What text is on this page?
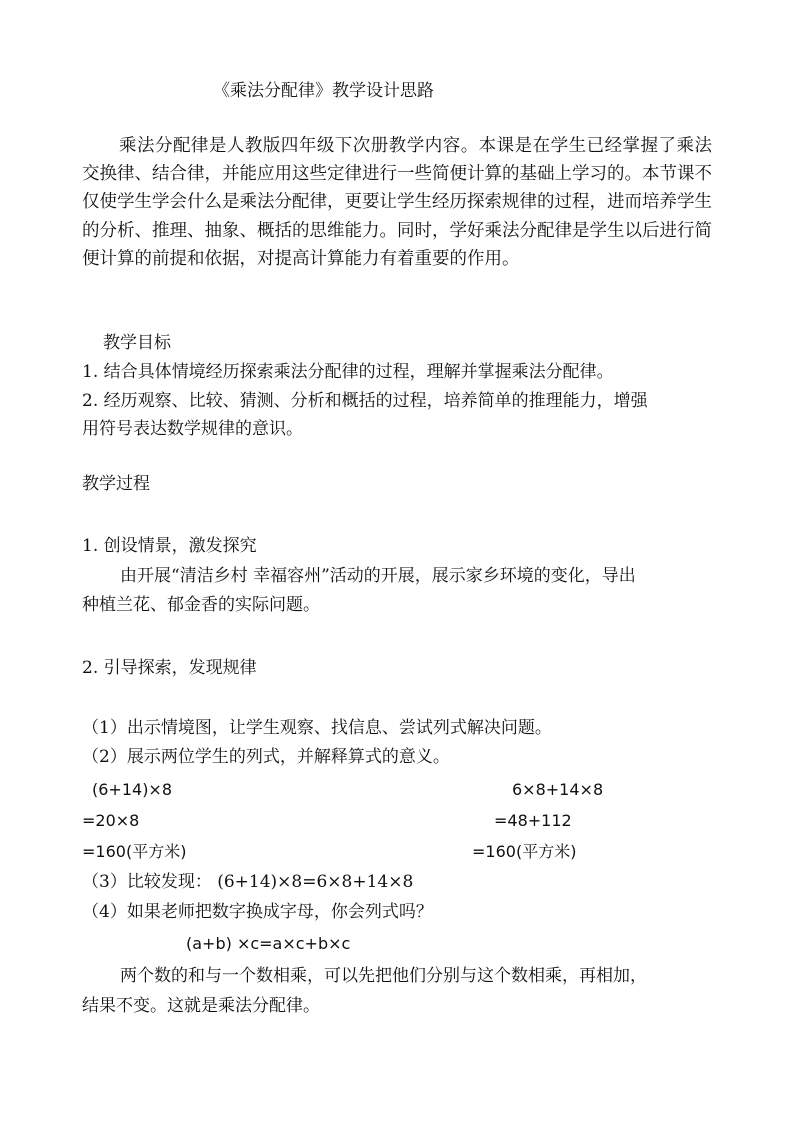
《乘法分配律》教学设计思路
乘法分配律是人教版四年级下次册教学内容。本课是在学生已经掌握了乘法交换律、结合律，并能应用这些定律进行一些简便计算的基础上学习的。本节课不仅使学生学会什么是乘法分配律，更要让学生经历探索规律的过程，进而培养学生的分析、推理、抽象、概括的思维能力。同时，学好乘法分配律是学生以后进行简便计算的前提和依据，对提高计算能力有着重要的作用。
教学目标
1. 结合具体情境经历探索乘法分配律的过程，理解并掌握乘法分配律。
2. 经历观察、比较、猜测、分析和概括的过程，培养简单的推理能力，增强
用符号表达数学规律的意识。
教学过程
1. 创设情景，激发探究
由开展“清洁乡村 幸福容州”活动的开展，展示家乡环境的变化，导出
种植兰花、郁金香的实际问题。
2. 引导探索，发现规律
（1）出示情境图，让学生观察、找信息、尝试列式解决问题。
（2）展示两位学生的列式，并解释算式的意义。
(6+14)×8
=20×8
=160(平方米)
6×8+14×8
=48+112
=160(平方米)
（3）比较发现： (6+14)×8=6×8+14×8
（4）如果老师把数字换成字母，你会列式吗？
(a+b) ×c=a×c+b×c
两个数的和与一个数相乘，可以先把他们分别与这个数相乘，再相加，
结果不变。这就是乘法分配律。
